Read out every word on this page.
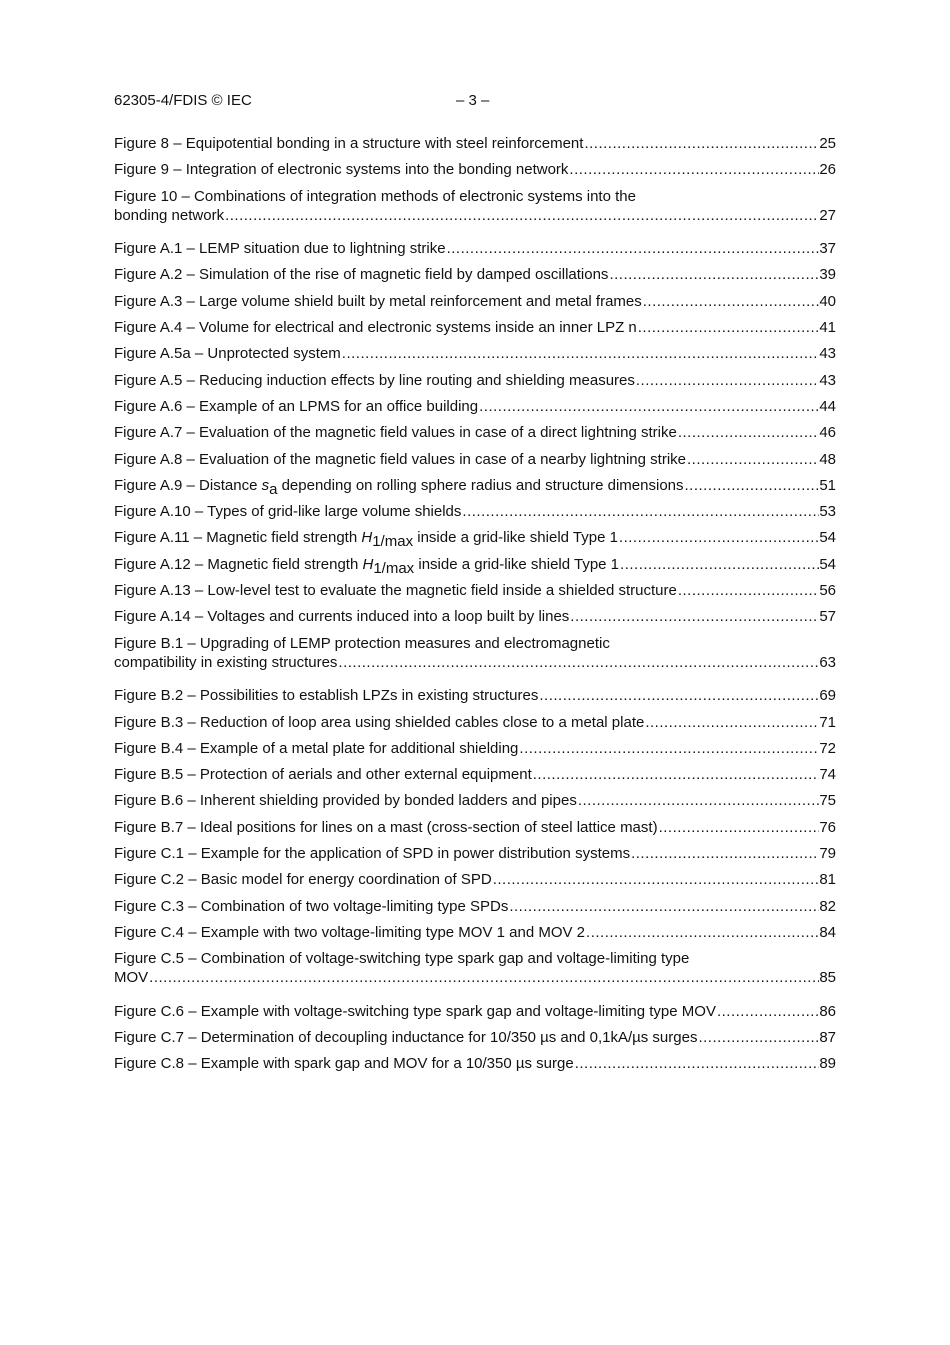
62305-4/FDIS © IEC	– 3 –
Figure 8 – Equipotential bonding in a structure with steel reinforcement .....	25
Figure 9 – Integration of electronic systems into the bonding network .....	26
Figure 10 – Combinations of integration methods of electronic systems into the
bonding network .....	27
Figure A.1 – LEMP situation due to lightning strike .....	37
Figure A.2 – Simulation of the rise of magnetic field by damped oscillations .....	39
Figure A.3 – Large volume shield built by metal reinforcement and metal frames .....	40
Figure A.4 – Volume for electrical and electronic systems inside an inner LPZ n .....	41
Figure A.5a – Unprotected system .....	43
Figure A.5 – Reducing induction effects by line routing and shielding measures .....	43
Figure A.6 – Example of an LPMS for an office building .....	44
Figure A.7 – Evaluation of the magnetic field values in case of a direct lightning strike .....	46
Figure A.8 – Evaluation of the magnetic field values in case of a nearby lightning strike .....	48
Figure A.9 – Distance sa depending on rolling sphere radius and structure dimensions .....	51
Figure A.10 – Types of grid-like large volume shields .....	53
Figure A.11 – Magnetic field strength H1/max inside a grid-like shield Type 1 .....	54
Figure A.12 – Magnetic field strength H1/max inside a grid-like shield Type 1 .....	54
Figure A.13 – Low-level test to evaluate the magnetic field inside a shielded structure .....	56
Figure A.14 – Voltages and currents induced into a loop built by lines .....	57
Figure B.1 – Upgrading of LEMP protection measures and electromagnetic
compatibility in existing structures .....	63
Figure B.2 – Possibilities to establish LPZs in existing structures .....	69
Figure B.3 – Reduction of loop area using shielded cables close to a metal plate .....	71
Figure B.4 – Example of a metal plate for additional shielding .....	72
Figure B.5 – Protection of aerials and other external equipment .....	74
Figure B.6 – Inherent shielding provided by bonded ladders and pipes .....	75
Figure B.7 – Ideal positions for lines on a mast (cross-section of steel lattice mast) .....	76
Figure C.1 – Example for the application of SPD in power distribution systems .....	79
Figure C.2 – Basic model for energy coordination of SPD .....	81
Figure C.3 – Combination of two voltage-limiting type SPDs .....	82
Figure C.4 – Example with two voltage-limiting type MOV 1 and MOV 2 .....	84
Figure C.5 – Combination of voltage-switching type spark gap and voltage-limiting type
MOV .....	85
Figure C.6 – Example with voltage-switching type spark gap and voltage-limiting type MOV .....	86
Figure C.7 – Determination of decoupling inductance for 10/350 µs and 0,1kA/µs surges .....	87
Figure C.8 – Example with spark gap and MOV for a 10/350 µs surge .....	89
